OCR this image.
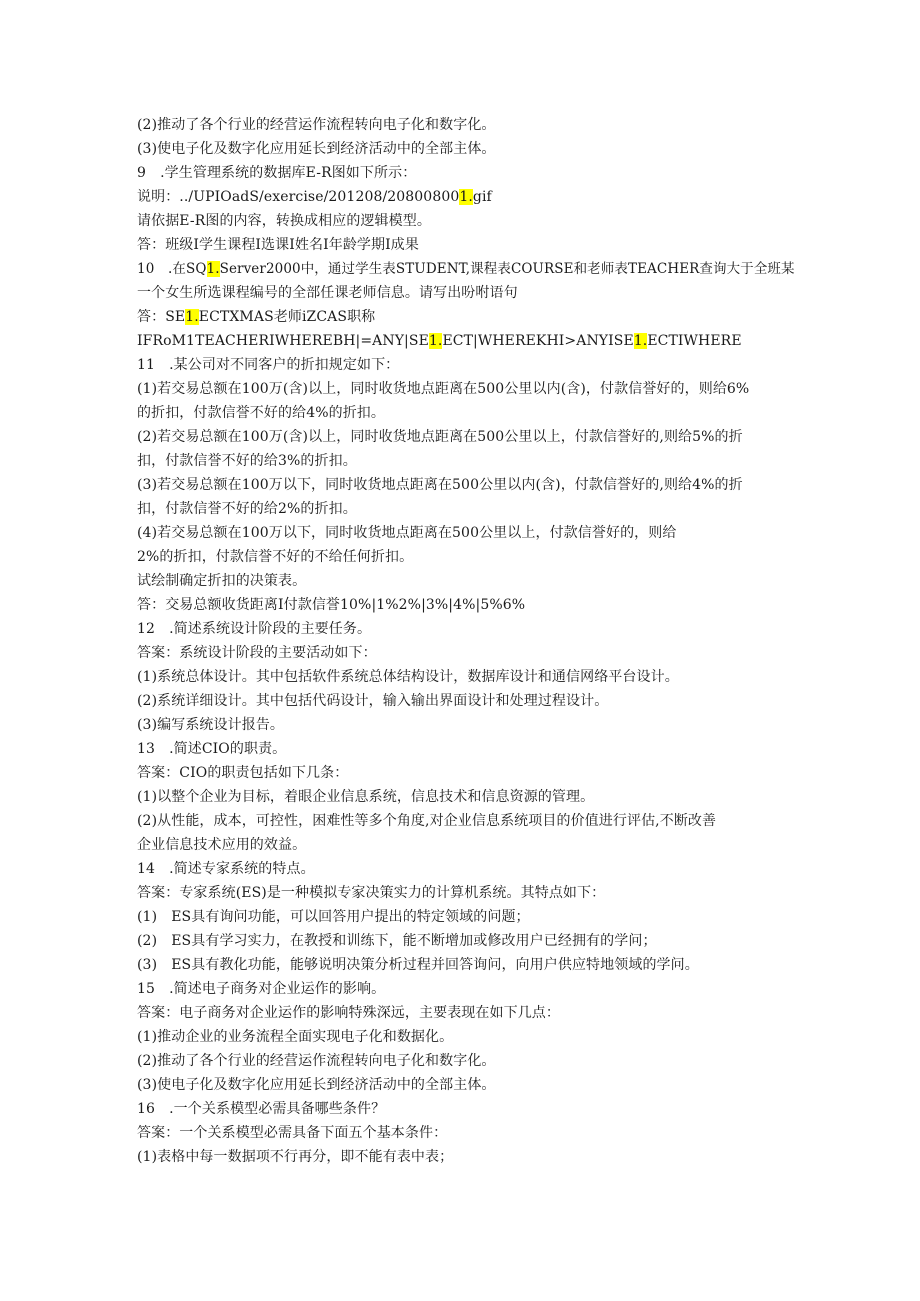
(2)推动了各个行业的经营运作流程转向电子化和数字化。
(3)使电子化及数字化应用延长到经济活动中的全部主体。
9　.学生管理系统的数据库E-R图如下所示：
说明：../UPIOadS/exercise/201208/208008001.gif
请依据E-R图的内容，转换成相应的逻辑模型。
答：班级I学生课程I选课I姓名I年龄学期I成果
10　.在SQ1.Server2000中，通过学生表STUDENT,课程表COURSE和老师表TEACHER查询大于全班某
一个女生所选课程编号的全部任课老师信息。请写出吩咐语句
答：SE1.ECTXMAS老师iZCAS职称
IFRoM1TEACHERIWHEREBH|=ANY|SE1.ECT|WHEREKHI>ANYISE1.ECTIWHERE
11　.某公司对不同客户的折扣规定如下：
(1)若交易总额在100万(含)以上，同时收货地点距离在500公里以内(含)，付款信誉好的，则给6%
的折扣，付款信誉不好的给4%的折扣。
(2)若交易总额在100万(含)以上，同时收货地点距离在500公里以上，付款信誉好的,则给5%的折
扣，付款信誉不好的给3%的折扣。
(3)若交易总额在100万以下，同时收货地点距离在500公里以内(含)，付款信誉好的,则给4%的折
扣，付款信誉不好的给2%的折扣。
(4)若交易总额在100万以下，同时收货地点距离在500公里以上，付款信誉好的，则给
2%的折扣，付款信誉不好的不给任何折扣。
试绘制确定折扣的决策表。
答：交易总额收货距离I付款信誉10%|1%2%|3%|4%|5%6%
12　.简述系统设计阶段的主要任务。
答案：系统设计阶段的主要活动如下：
(1)系统总体设计。其中包括软件系统总体结构设计，数据库设计和通信网络平台设计。
(2)系统详细设计。其中包括代码设计，输入输出界面设计和处理过程设计。
(3)编写系统设计报告。
13　.简述CIO的职责。
答案：CIO的职责包括如下几条：
(1)以整个企业为目标，着眼企业信息系统，信息技术和信息资源的管理。
(2)从性能，成本，可控性，困难性等多个角度,对企业信息系统项目的价值进行评估,不断改善
企业信息技术应用的效益。
14　.简述专家系统的特点。
答案：专家系统(ES)是一种模拟专家决策实力的计算机系统。其特点如下：
(1)　ES具有询问功能，可以回答用户提出的特定领域的问题；
(2)　ES具有学习实力，在教授和训练下，能不断增加或修改用户已经拥有的学问；
(3)　ES具有教化功能，能够说明决策分析过程并回答询问，向用户供应特地领域的学问。
15　.简述电子商务对企业运作的影响。
答案：电子商务对企业运作的影响特殊深远，主要表现在如下几点：
(1)推动企业的业务流程全面实现电子化和数据化。
(2)推动了各个行业的经营运作流程转向电子化和数字化。
(3)使电子化及数字化应用延长到经济活动中的全部主体。
16　.一个关系模型必需具备哪些条件？
答案：一个关系模型必需具备下面五个基本条件：
(1)表格中每一数据项不行再分，即不能有表中表；
